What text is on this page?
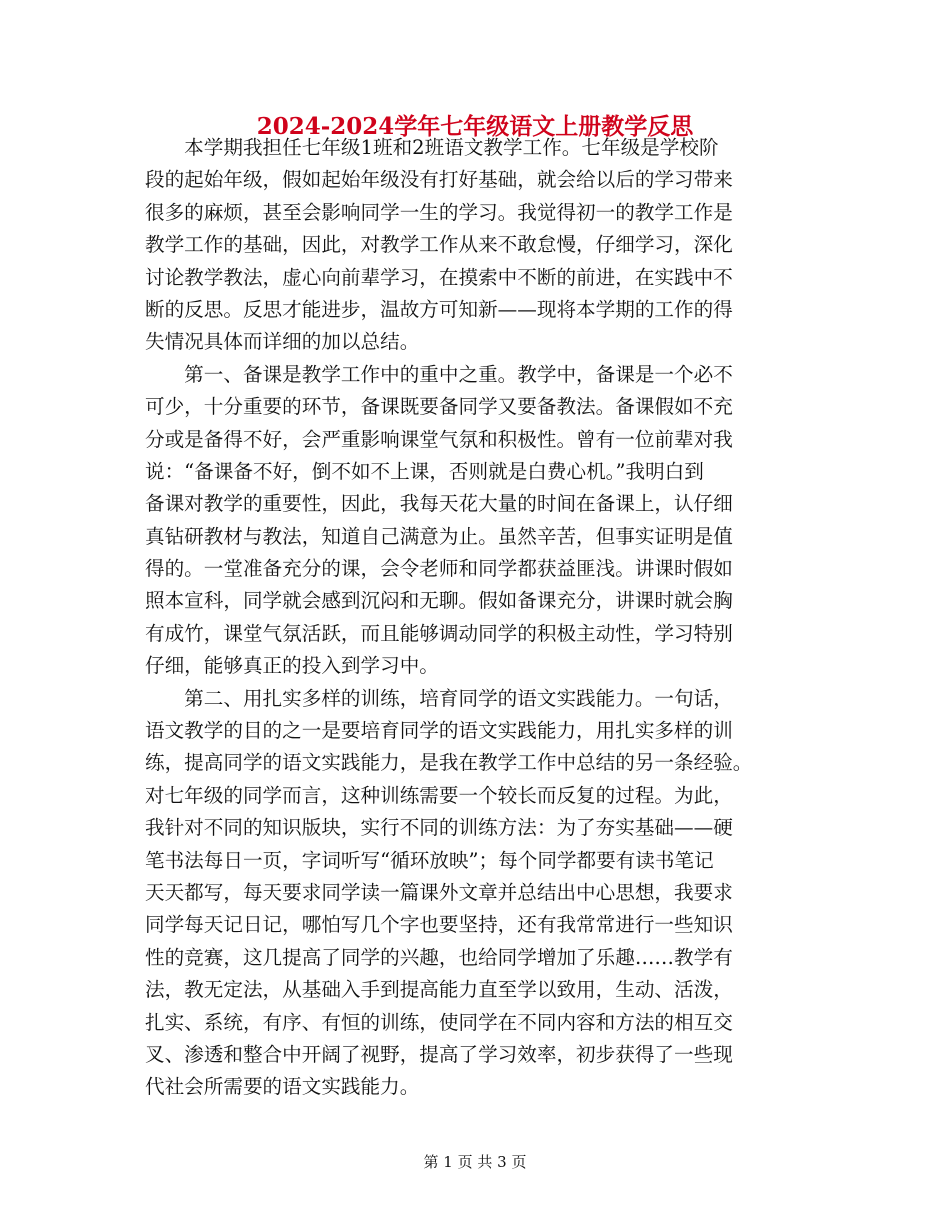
2024-2024学年七年级语文上册教学反思
　　本学期我担任七年级1班和2班语文教学工作。七年级是学校阶
段的起始年级，假如起始年级没有打好基础，就会给以后的学习带来
很多的麻烦，甚至会影响同学一生的学习。我觉得初一的教学工作是
教学工作的基础，因此，对教学工作从来不敢怠慢，仔细学习，深化
讨论教学教法，虚心向前辈学习，在摸索中不断的前进，在实践中不
断的反思。反思才能进步，温故方可知新——现将本学期的工作的得
失情况具体而详细的加以总结。
　　第一、备课是教学工作中的重中之重。教学中，备课是一个必不
可少，十分重要的环节，备课既要备同学又要备教法。备课假如不充
分或是备得不好，会严重影响课堂气氛和积极性。曾有一位前辈对我
说：“备课备不好，倒不如不上课，否则就是白费心机。”我明白到
备课对教学的重要性，因此，我每天花大量的时间在备课上，认仔细
真钻研教材与教法，知道自己满意为止。虽然辛苦，但事实证明是值
得的。一堂准备充分的课，会令老师和同学都获益匪浅。讲课时假如
照本宣科，同学就会感到沉闷和无聊。假如备课充分，讲课时就会胸
有成竹，课堂气氛活跃，而且能够调动同学的积极主动性，学习特别
仔细，能够真正的投入到学习中。
　　第二、用扎实多样的训练，培育同学的语文实践能力。一句话，
语文教学的目的之一是要培育同学的语文实践能力，用扎实多样的训
练，提高同学的语文实践能力，是我在教学工作中总结的另一条经验。
对七年级的同学而言，这种训练需要一个较长而反复的过程。为此，
我针对不同的知识版块，实行不同的训练方法：为了夯实基础——硬
笔书法每日一页，字词听写“循环放映”；每个同学都要有读书笔记
天天都写，每天要求同学读一篇课外文章并总结出中心思想，我要求
同学每天记日记，哪怕写几个字也要坚持，还有我常常进行一些知识
性的竞赛，这几提高了同学的兴趣，也给同学增加了乐趣……教学有
法，教无定法，从基础入手到提高能力直至学以致用，生动、活泼，
扎实、系统，有序、有恒的训练，使同学在不同内容和方法的相互交
叉、渗透和整合中开阔了视野，提高了学习效率，初步获得了一些现
代社会所需要的语文实践能力。
第 1 页 共 3 页
